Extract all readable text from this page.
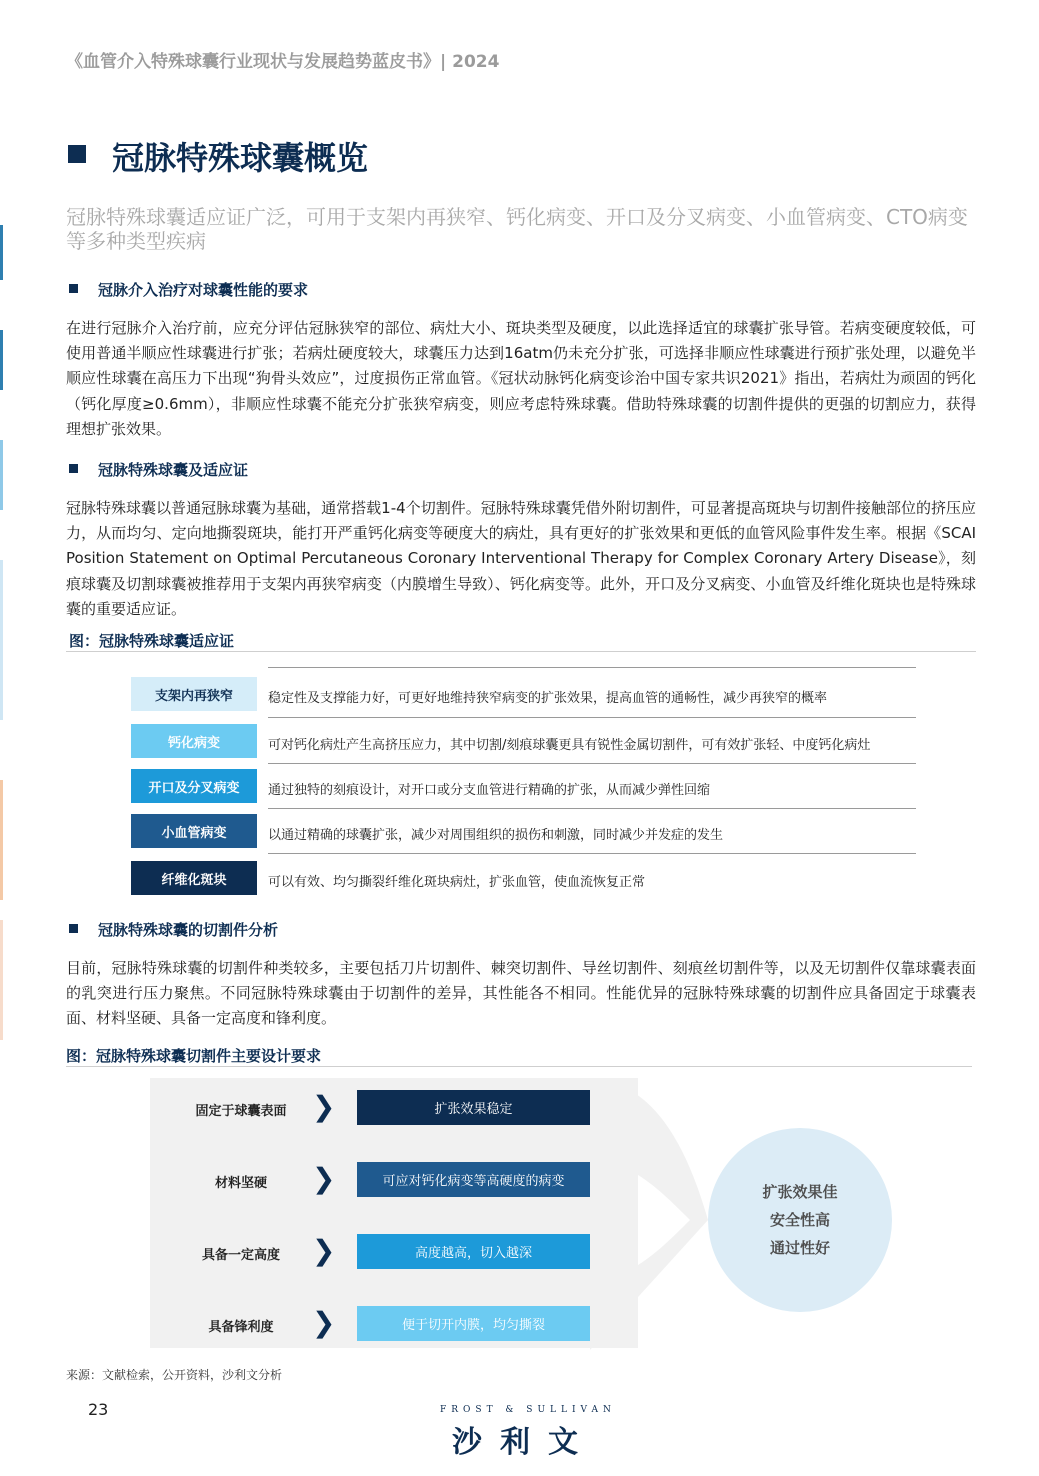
《血管介入特殊球囊行业现状与发展趋势蓝皮书》| 2024
冠脉特殊球囊概览
冠脉特殊球囊适应证广泛，可用于支架内再狭窄、钙化病变、开口及分叉病变、小血管病变、CTO病变等多种类型疾病
冠脉介入治疗对球囊性能的要求
在进行冠脉介入治疗前，应充分评估冠脉狭窄的部位、病灶大小、斑块类型及硬度，以此选择适宜的球囊扩张导管。若病变硬度较低，可使用普通半顺应性球囊进行扩张；若病灶硬度较大，球囊压力达到16atm仍未充分扩张，可选择非顺应性球囊进行预扩张处理，以避免半顺应性球囊在高压力下出现“狗骨头效应”，过度损伤正常血管。《冠状动脉钙化病变诊治中国专家共识2021》指出，若病灶为顽固的钙化（钙化厚度≥0.6mm），非顺应性球囊不能充分扩张狭窄病变，则应考虑特殊球囊。借助特殊球囊的切割件提供的更强的切割应力，获得理想扩张效果。
冠脉特殊球囊及适应证
冠脉特殊球囊以普通冠脉球囊为基础，通常搭载1-4个切割件。冠脉特殊球囊凭借外附切割件，可显著提高斑块与切割件接触部位的挤压应力，从而均匀、定向地撕裂斑块，能打开严重钙化病变等硬度大的病灶，具有更好的扩张效果和更低的血管风险事件发生率。根据《SCAI Position Statement on Optimal Percutaneous Coronary Interventional Therapy for Complex Coronary Artery Disease》，刻痕球囊及切割球囊被推荐用于支架内再狭窄病变（内膜增生导致）、钙化病变等。此外，开口及分叉病变、小血管及纤维化斑块也是特殊球囊的重要适应证。
图：冠脉特殊球囊适应证
支架内再狭窄	稳定性及支撑能力好，可更好地维持狭窄病变的扩张效果，提高血管的通畅性，减少再狭窄的概率
钙化病变	可对钙化病灶产生高挤压应力，其中切割/刻痕球囊更具有锐性金属切割件，可有效扩张轻、中度钙化病灶
开口及分叉病变	通过独特的刻痕设计，对开口或分支血管进行精确的扩张，从而减少弹性回缩
小血管病变	以通过精确的球囊扩张，减少对周围组织的损伤和刺激，同时减少并发症的发生
纤维化斑块	可以有效、均匀撕裂纤维化斑块病灶，扩张血管，使血流恢复正常
冠脉特殊球囊的切割件分析
目前，冠脉特殊球囊的切割件种类较多，主要包括刀片切割件、棘突切割件、导丝切割件、刻痕丝切割件等，以及无切割件仅靠球囊表面的乳突进行压力聚焦。不同冠脉特殊球囊由于切割件的差异，其性能各不相同。性能优异的冠脉特殊球囊的切割件应具备固定于球囊表面、材料坚硬、具备一定高度和锋利度。
图：冠脉特殊球囊切割件主要设计要求
固定于球囊表面 ❯	扩张效果稳定
材料坚硬	❯	可应对钙化病变等高硬度的病变
具备一定高度	❯	高度越高，切入越深
具备锋利度	❯	便于切开内膜，均匀撕裂
扩张效果佳
安全性高
通过性好
来源：文献检索，公开资料，沙利文分析
23	FROST & SULLIVAN
沙利文
